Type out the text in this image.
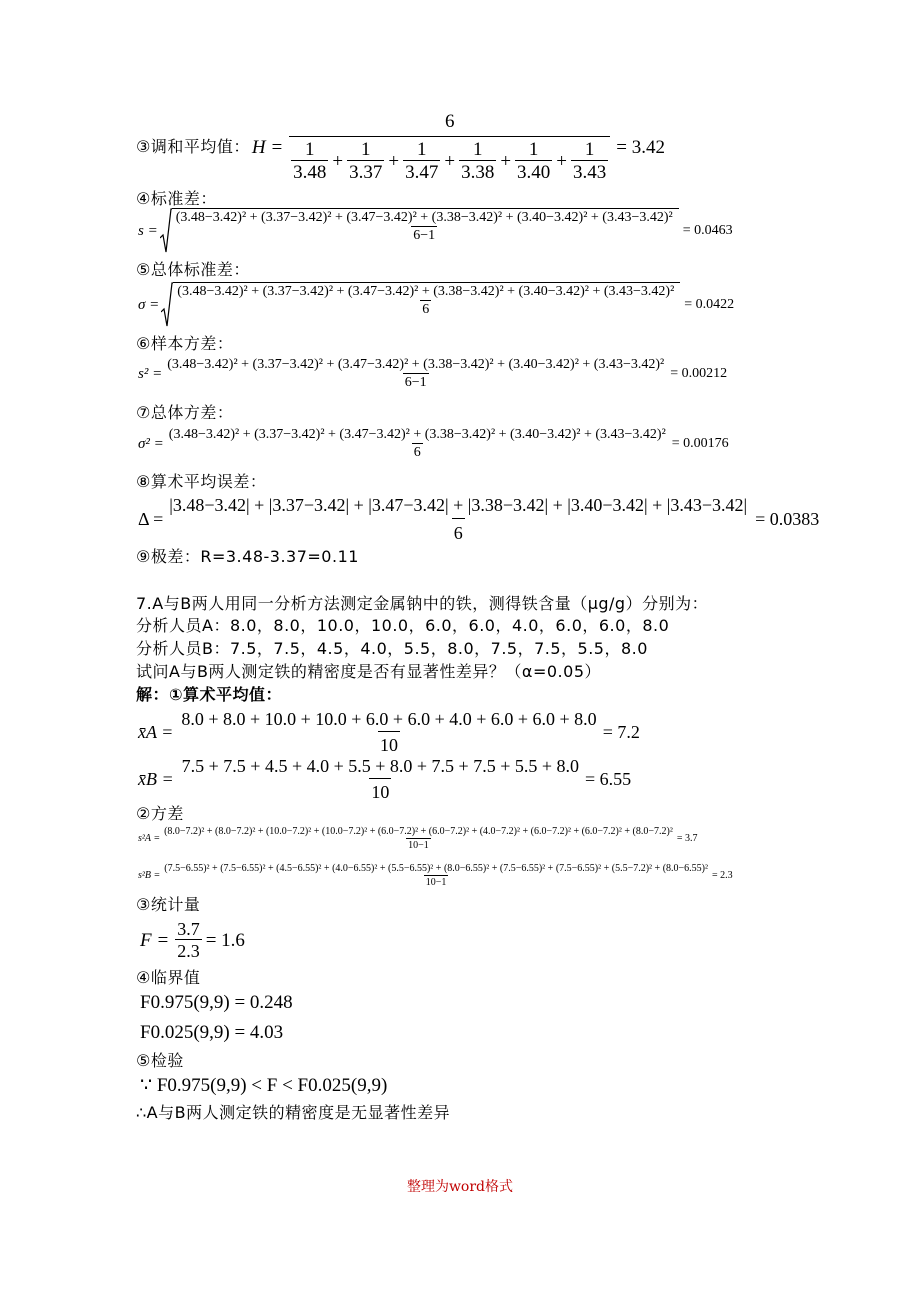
③调和平均值： $H = \frac{6}{\frac{1}{3.48} + \frac{1}{3.37} + \frac{1}{3.47} + \frac{1}{3.38} + \frac{1}{3.40} + \frac{1}{3.43}} = 3.42$
④标准差：
s =
(3.48−3.42)² + (3.37−3.42)² + (3.47−3.42)² + (3.38−3.42)² + (3.40−3.42)² + (3.43−3.42)²
6−1	= 0.0463
⑤总体标准差：
σ =
(3.48−3.42)² + (3.37−3.42)² + (3.47−3.42)² + (3.38−3.42)² + (3.40−3.42)² + (3.43−3.42)²
6	= 0.0422
⑥样本方差：
s² =
(3.48−3.42)² + (3.37−3.42)² + (3.47−3.42)² + (3.38−3.42)² + (3.40−3.42)² + (3.43−3.42)²
6−1
= 0.00212
⑦总体方差：
σ² =
(3.48−3.42)² + (3.37−3.42)² + (3.47−3.42)² + (3.38−3.42)² + (3.40−3.42)² + (3.43−3.42)²
6
= 0.00176
⑧算术平均误差：
Δ =
|3.48−3.42| + |3.37−3.42| + |3.47−3.42| + |3.38−3.42| + |3.40−3.42| + |3.43−3.42|
6
= 0.0383
⑨极差：R=3.48-3.37=0.11
7.A与B两人用同一分析方法测定金属钠中的铁，测得铁含量（μg/g）分别为：
分析人员A：8.0，8.0，10.0，10.0，6.0，6.0，4.0，6.0，6.0，8.0
分析人员B：7.5，7.5，4.5，4.0，5.5，8.0，7.5，7.5，5.5，8.0
试问A与B两人测定铁的精密度是否有显著性差异？（α=0.05）
解：①算术平均值：
x̄A = $\frac{8.0 + 8.0 + 10.0 + 10.0 + 6.0 + 6.0 + 4.0 + 6.0 + 6.0 + 8.0}{10} = 7.2$
x̄B = $\frac{7.5 + 7.5 + 4.5 + 4.0 + 5.5 + 8.0 + 7.5 + 7.5 + 5.5 + 8.0}{10} = 6.55$
②方差
s²A =
(8.0−7.2)² + (8.0−7.2)² + (10.0−7.2)² + (10.0−7.2)² + (6.0−7.2)² + (6.0−7.2)² + (4.0−7.2)² + (6.0−7.2)² + (6.0−7.2)² + (8.0−7.2)²
10−1
= 3.7
s²B =
(7.5−6.55)² + (7.5−6.55)² + (4.5−6.55)² + (4.0−6.55)² + (5.5−6.55)² + (8.0−6.55)² + (7.5−6.55)² + (7.5−6.55)² + (5.5−7.2)² + (8.0−6.55)²
10−1
= 2.3
③统计量
$F = \frac{3.7}{2.3} = 1.6$
④临界值
F0.975(9,9) = 0.248
F0.025(9,9) = 4.03
⑤检验
∵ F0.975(9,9) < F < F0.025(9,9)
∴A与B两人测定铁的精密度是无显著性差异
整理为word格式
